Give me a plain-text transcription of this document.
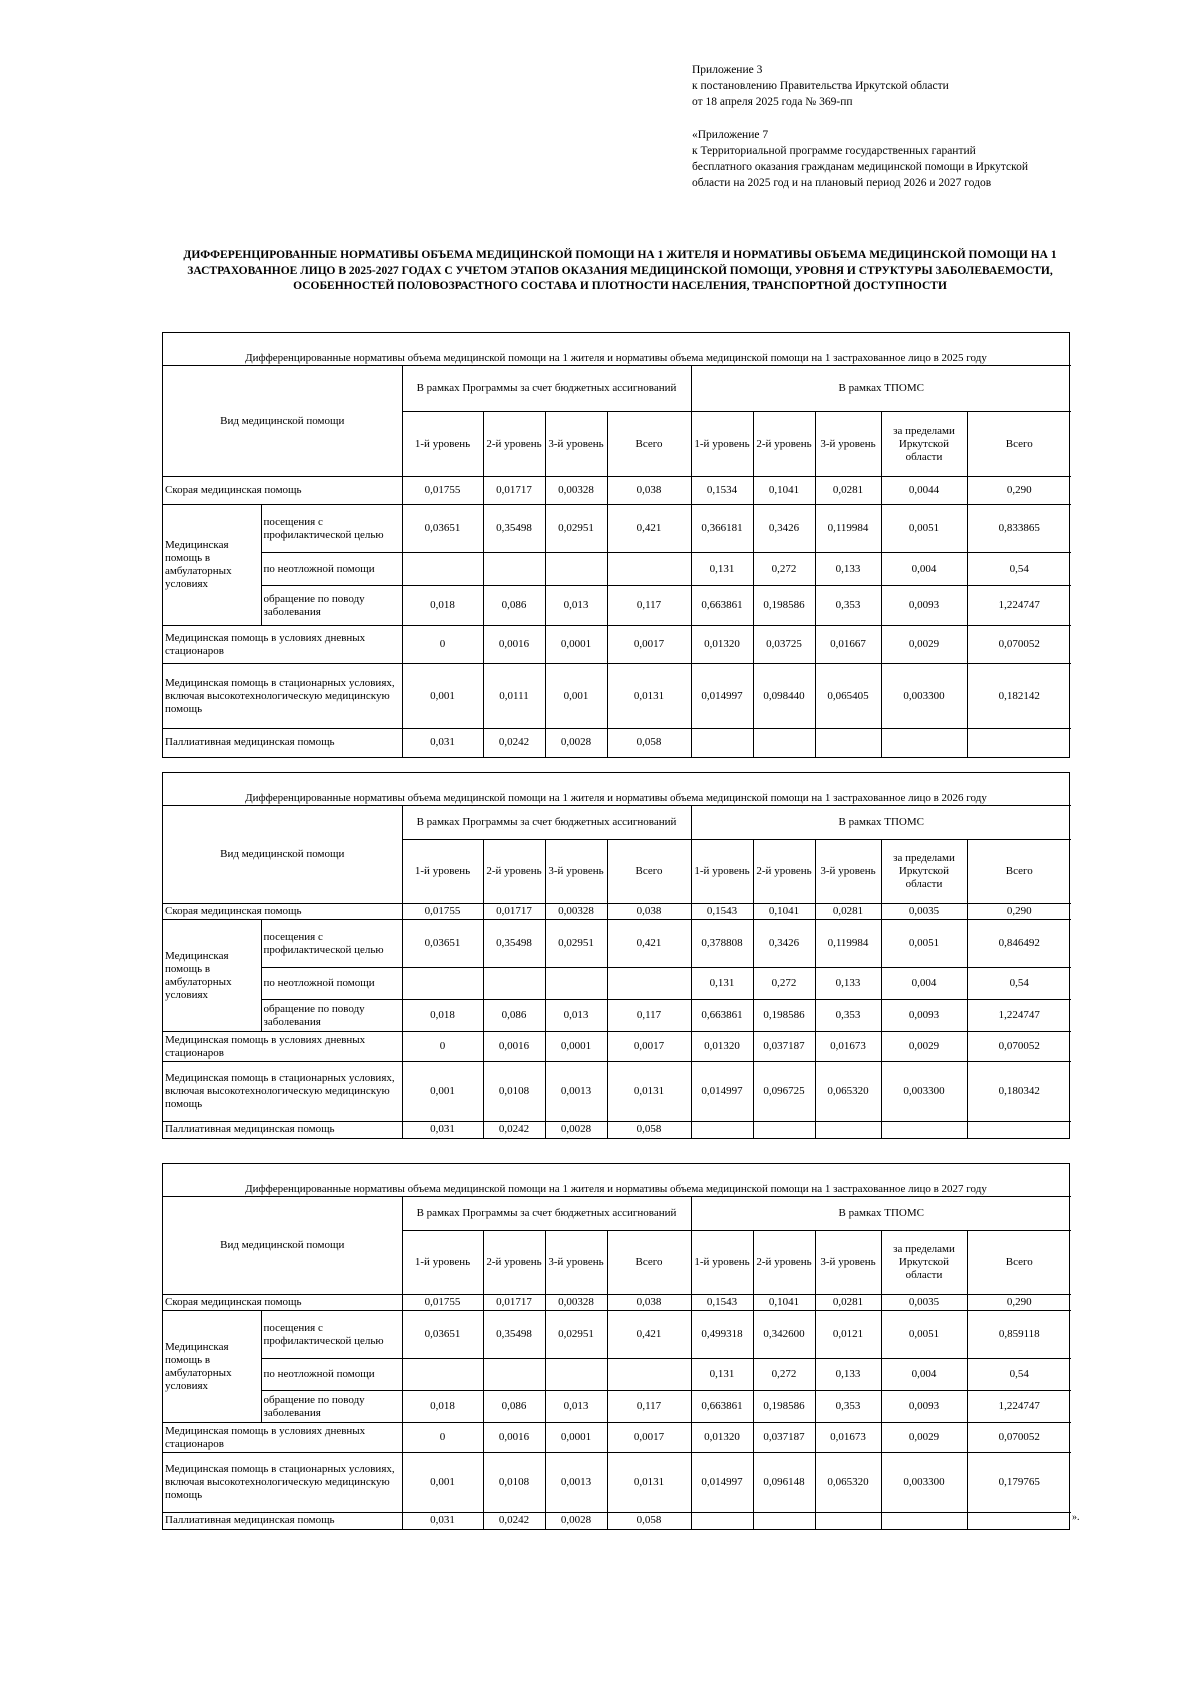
Приложение 3
к постановлению Правительства Иркутской области
от 18 апреля 2025 года № 369-пп
«Приложение 7
к Территориальной программе государственных гарантий
бесплатного оказания гражданам медицинской помощи в Иркутской
области на 2025 год и на плановый период 2026 и 2027 годов
ДИФФЕРЕНЦИРОВАННЫЕ НОРМАТИВЫ ОБЪЕМА МЕДИЦИНСКОЙ ПОМОЩИ НА 1 ЖИТЕЛЯ И НОРМАТИВЫ ОБЪЕМА МЕДИЦИНСКОЙ ПОМОЩИ НА 1 ЗАСТРАХОВАННОЕ ЛИЦО В 2025-2027 ГОДАХ С УЧЕТОМ ЭТАПОВ ОКАЗАНИЯ МЕДИЦИНСКОЙ ПОМОЩИ, УРОВНЯ И СТРУКТУРЫ ЗАБОЛЕВАЕМОСТИ, ОСОБЕННОСТЕЙ ПОЛОВОЗРАСТНОГО СОСТАВА И ПЛОТНОСТИ НАСЕЛЕНИЯ, ТРАНСПОРТНОЙ ДОСТУПНОСТИ
Дифференцированные нормативы объема медицинской помощи на 1 жителя и нормативы объема медицинской помощи на 1 застрахованное лицо в 2025 году
Вид медицинской помощи		В рамках Программы за счет бюджетных ассигнований				В рамках ТПОМС				
		1-й уровень	2-й уровень	3-й уровень	Всего	1-й уровень	2-й уровень	3-й уровень	за пределами Иркутской области	Всего
Скорая медицинская помощь		0,01755	0,01717	0,00328	0,038	0,1534	0,1041	0,0281	0,0044	0,290
Медицинская помощь в амбулаторных условиях	посещения с профилактической целью	0,03651	0,35498	0,02951	0,421	0,366181	0,3426	0,119984	0,0051	0,833865
	по неотложной помощи					0,131	0,272	0,133	0,004	0,54
	обращение по поводу заболевания	0,018	0,086	0,013	0,117	0,663861	0,198586	0,353	0,0093	1,224747
Медицинская помощь в условиях дневных стационаров		0	0,0016	0,0001	0,0017	0,01320	0,03725	0,01667	0,0029	0,070052
Медицинская помощь в стационарных условиях, включая высокотехнологическую медицинскую помощь		0,001	0,0111	0,001	0,0131	0,014997	0,098440	0,065405	0,003300	0,182142
Паллиативная медицинская помощь		0,031	0,0242	0,0028	0,058					
Дифференцированные нормативы объема медицинской помощи на 1 жителя и нормативы объема медицинской помощи на 1 застрахованное лицо в 2026 году
Вид медицинской помощи		В рамках Программы за счет бюджетных ассигнований				В рамках ТПОМС				
		1-й уровень	2-й уровень	3-й уровень	Всего	1-й уровень	2-й уровень	3-й уровень	за пределами Иркутской области	Всего
Скорая медицинская помощь		0,01755	0,01717	0,00328	0,038	0,1543	0,1041	0,0281	0,0035	0,290
Медицинская помощь в амбулаторных условиях	посещения с профилактической целью	0,03651	0,35498	0,02951	0,421	0,378808	0,3426	0,119984	0,0051	0,846492
	по неотложной помощи					0,131	0,272	0,133	0,004	0,54
	обращение по поводу заболевания	0,018	0,086	0,013	0,117	0,663861	0,198586	0,353	0,0093	1,224747
Медицинская помощь в условиях дневных стационаров		0	0,0016	0,0001	0,0017	0,01320	0,037187	0,01673	0,0029	0,070052
Медицинская помощь в стационарных условиях, включая высокотехнологическую медицинскую помощь		0,001	0,0108	0,0013	0,0131	0,014997	0,096725	0,065320	0,003300	0,180342
Паллиативная медицинская помощь		0,031	0,0242	0,0028	0,058					
Дифференцированные нормативы объема медицинской помощи на 1 жителя и нормативы объема медицинской помощи на 1 застрахованное лицо в 2027 году
Вид медицинской помощи		В рамках Программы за счет бюджетных ассигнований				В рамках ТПОМС				
		1-й уровень	2-й уровень	3-й уровень	Всего	1-й уровень	2-й уровень	3-й уровень	за пределами Иркутской области	Всего
Скорая медицинская помощь		0,01755	0,01717	0,00328	0,038	0,1543	0,1041	0,0281	0,0035	0,290
Медицинская помощь в амбулаторных условиях	посещения с профилактической целью	0,03651	0,35498	0,02951	0,421	0,499318	0,342600	0,0121	0,0051	0,859118
	по неотложной помощи					0,131	0,272	0,133	0,004	0,54
	обращение по поводу заболевания	0,018	0,086	0,013	0,117	0,663861	0,198586	0,353	0,0093	1,224747
Медицинская помощь в условиях дневных стационаров		0	0,0016	0,0001	0,0017	0,01320	0,037187	0,01673	0,0029	0,070052
Медицинская помощь в стационарных условиях, включая высокотехнологическую медицинскую помощь		0,001	0,0108	0,0013	0,0131	0,014997	0,096148	0,065320	0,003300	0,179765
Паллиативная медицинская помощь		0,031	0,0242	0,0028	0,058						».
